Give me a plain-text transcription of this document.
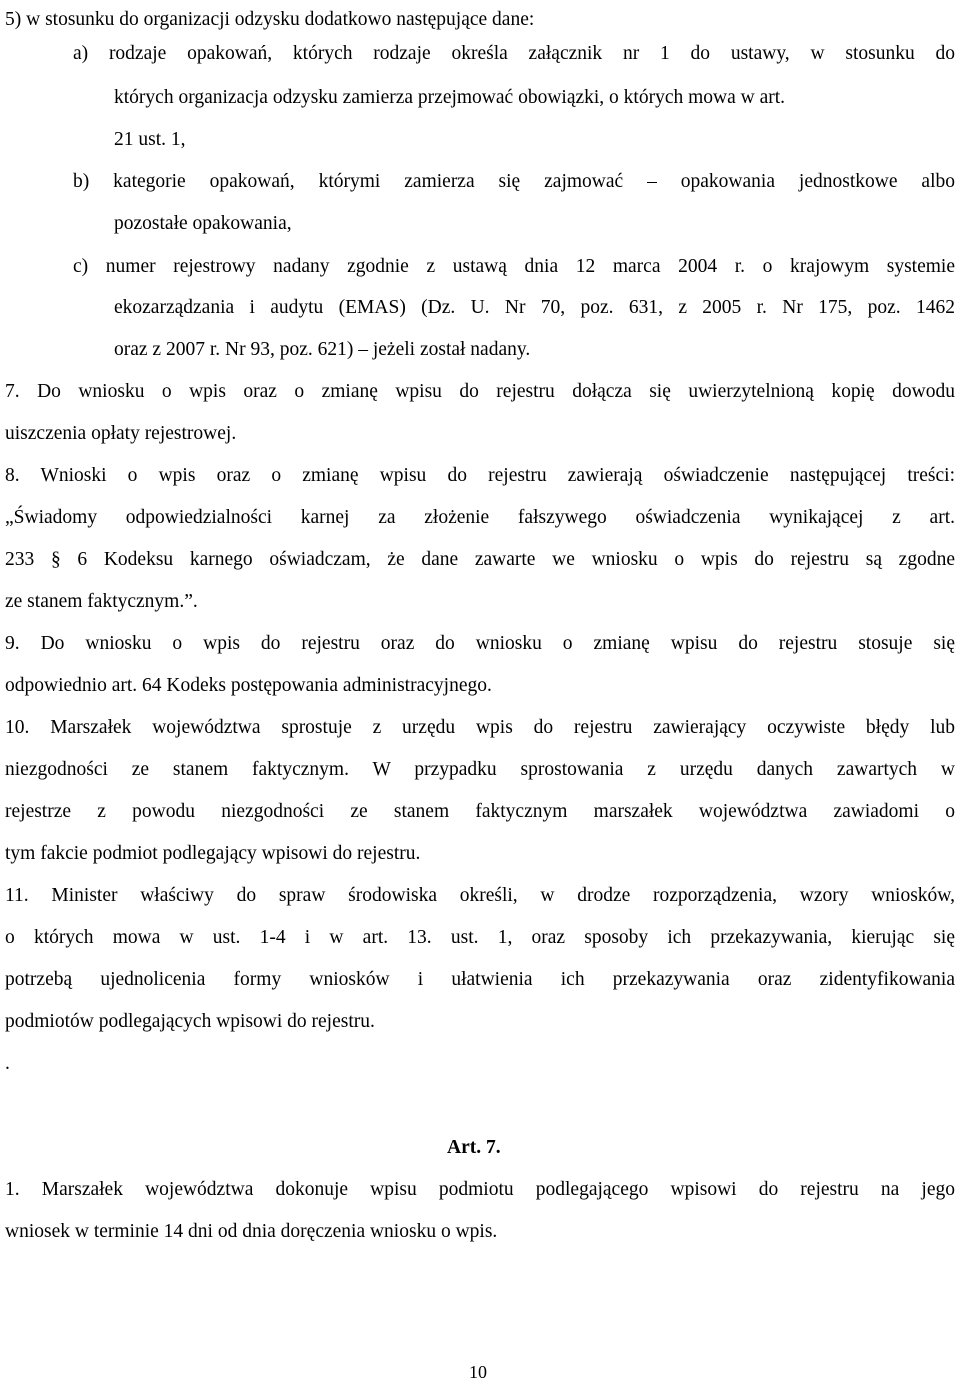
5) w stosunku do organizacji odzysku dodatkowo następujące dane:
a) rodzaje opakowań, których rodzaje określa załącznik nr 1 do ustawy, w stosunku do
których organizacja odzysku zamierza przejmować obowiązki, o których mowa w art.
21 ust. 1,
b) kategorie opakowań, którymi zamierza się zajmować – opakowania jednostkowe albo
pozostałe opakowania,
c) numer rejestrowy nadany zgodnie z ustawą dnia 12 marca 2004 r. o krajowym systemie
ekozarządzania i audytu (EMAS) (Dz. U. Nr 70, poz. 631, z 2005 r. Nr 175, poz. 1462
oraz z 2007 r. Nr 93, poz. 621) – jeżeli został nadany.
7. Do wniosku o wpis oraz o zmianę wpisu do rejestru dołącza się uwierzytelnioną kopię dowodu
uiszczenia opłaty rejestrowej.
8. Wnioski o wpis oraz o zmianę wpisu do rejestru zawierają oświadczenie następującej treści:
„Świadomy odpowiedzialności karnej za złożenie fałszywego oświadczenia wynikającej z art.
233 § 6 Kodeksu karnego oświadczam, że dane zawarte we wniosku o wpis do rejestru są zgodne
ze stanem faktycznym.”.
9. Do wniosku o wpis do rejestru oraz do wniosku o zmianę wpisu do rejestru stosuje się
odpowiednio art. 64 Kodeks postępowania administracyjnego.
10. Marszałek województwa sprostuje z urzędu wpis do rejestru zawierający oczywiste błędy lub
niezgodności ze stanem faktycznym. W przypadku sprostowania z urzędu danych zawartych w
rejestrze z powodu niezgodności ze stanem faktycznym marszałek województwa zawiadomi o
tym fakcie podmiot podlegający wpisowi do rejestru.
11. Minister właściwy do spraw środowiska określi, w drodze rozporządzenia, wzory wniosków,
o których mowa w ust. 1-4 i w art. 13. ust. 1, oraz sposoby ich przekazywania, kierując się
potrzebą ujednolicenia formy wniosków i ułatwienia ich przekazywania oraz zidentyfikowania
podmiotów podlegających wpisowi do rejestru.
.
Art. 7.
1. Marszałek województwa dokonuje wpisu podmiotu podlegającego wpisowi do rejestru na jego
wniosek w terminie 14 dni od dnia doręczenia wniosku o wpis.
10
